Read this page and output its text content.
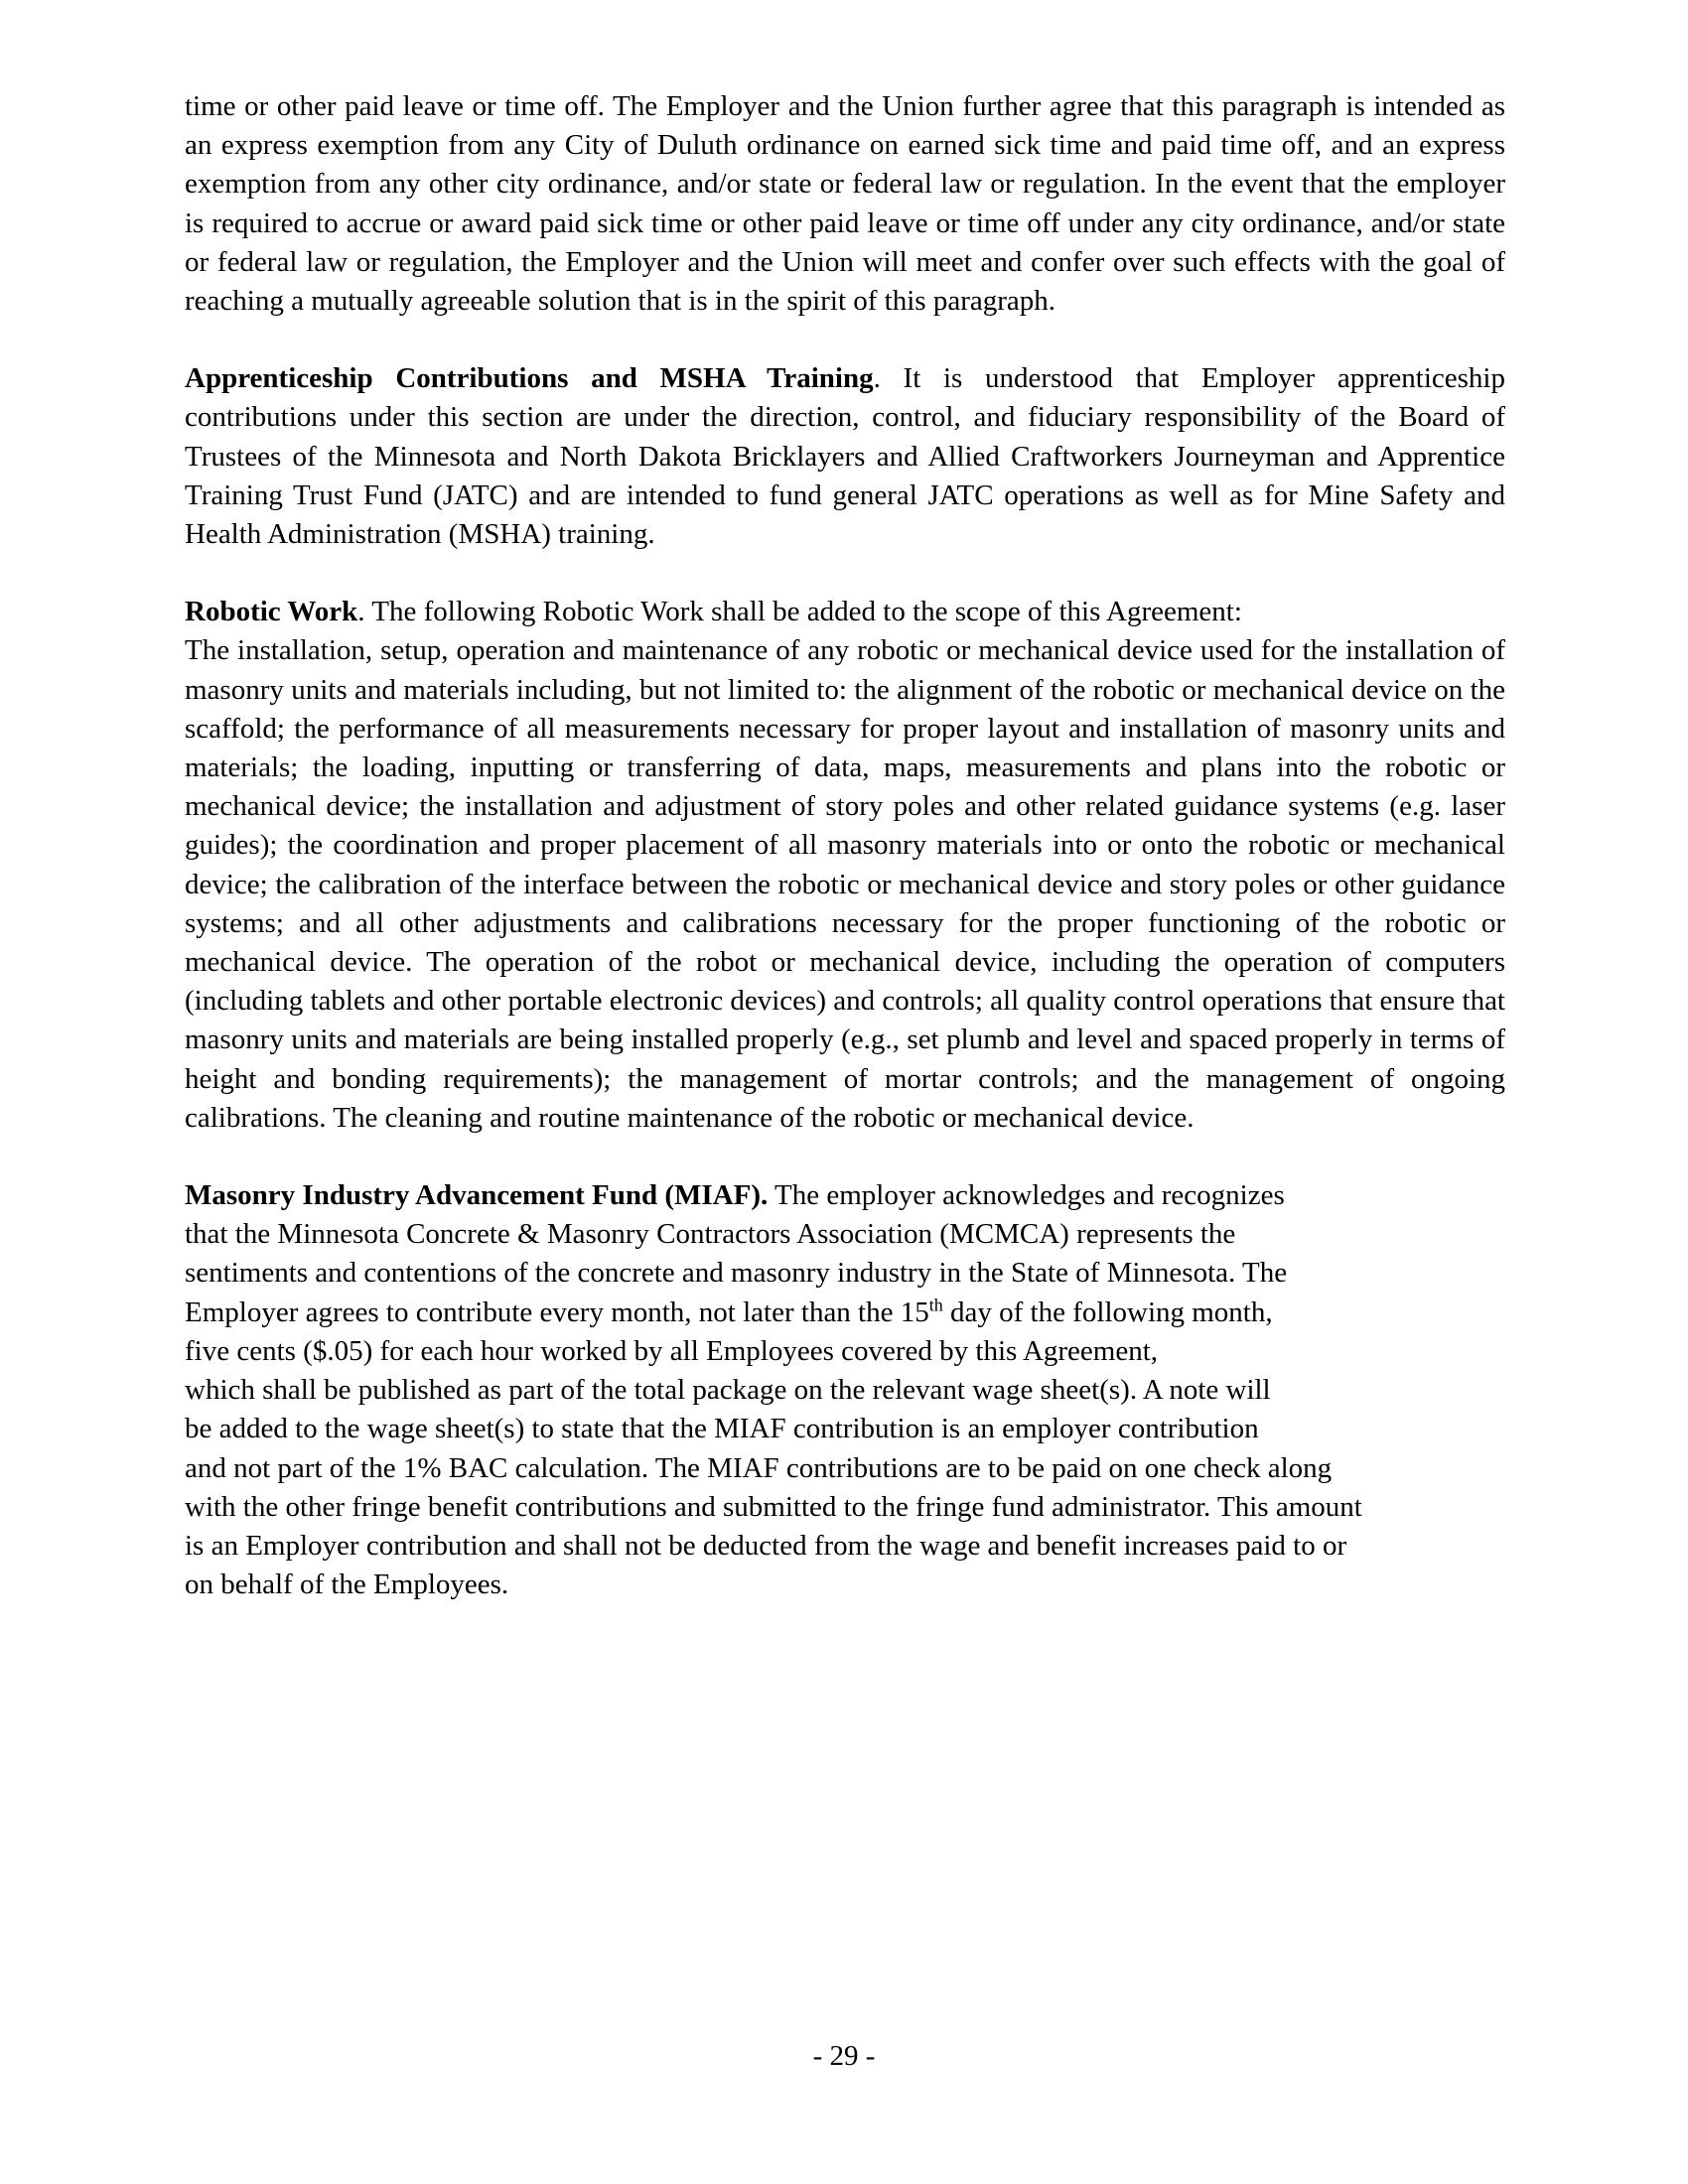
time or other paid leave or time off. The Employer and the Union further agree that this paragraph is intended as an express exemption from any City of Duluth ordinance on earned sick time and paid time off, and an express exemption from any other city ordinance, and/or state or federal law or regulation. In the event that the employer is required to accrue or award paid sick time or other paid leave or time off under any city ordinance, and/or state or federal law or regulation, the Employer and the Union will meet and confer over such effects with the goal of reaching a mutually agreeable solution that is in the spirit of this paragraph.

Apprenticeship Contributions and MSHA Training. It is understood that Employer apprenticeship contributions under this section are under the direction, control, and fiduciary responsibility of the Board of Trustees of the Minnesota and North Dakota Bricklayers and Allied Craftworkers Journeyman and Apprentice Training Trust Fund (JATC) and are intended to fund general JATC operations as well as for Mine Safety and Health Administration (MSHA) training.

Robotic Work. The following Robotic Work shall be added to the scope of this Agreement:
The installation, setup, operation and maintenance of any robotic or mechanical device used for the installation of masonry units and materials including, but not limited to: the alignment of the robotic or mechanical device on the scaffold; the performance of all measurements necessary for proper layout and installation of masonry units and materials; the loading, inputting or transferring of data, maps, measurements and plans into the robotic or mechanical device; the installation and adjustment of story poles and other related guidance systems (e.g. laser guides); the coordination and proper placement of all masonry materials into or onto the robotic or mechanical device; the calibration of the interface between the robotic or mechanical device and story poles or other guidance systems; and all other adjustments and calibrations necessary for the proper functioning of the robotic or mechanical device. The operation of the robot or mechanical device, including the operation of computers (including tablets and other portable electronic devices) and controls; all quality control operations that ensure that masonry units and materials are being installed properly (e.g., set plumb and level and spaced properly in terms of height and bonding requirements); the management of mortar controls; and the management of ongoing calibrations. The cleaning and routine maintenance of the robotic or mechanical device.

Masonry Industry Advancement Fund (MIAF). The employer acknowledges and recognizes
that the Minnesota Concrete & Masonry Contractors Association (MCMCA) represents the
sentiments and contentions of the concrete and masonry industry in the State of Minnesota. The
Employer agrees to contribute every month, not later than the 15th day of the following month,
five cents ($.05) for each hour worked by all Employees covered by this Agreement,
which shall be published as part of the total package on the relevant wage sheet(s). A note will
be added to the wage sheet(s) to state that the MIAF contribution is an employer contribution
and not part of the 1% BAC calculation. The MIAF contributions are to be paid on one check along
with the other fringe benefit contributions and submitted to the fringe fund administrator. This amount
is an Employer contribution and shall not be deducted from the wage and benefit increases paid to or
on behalf of the Employees.

- 29 -
